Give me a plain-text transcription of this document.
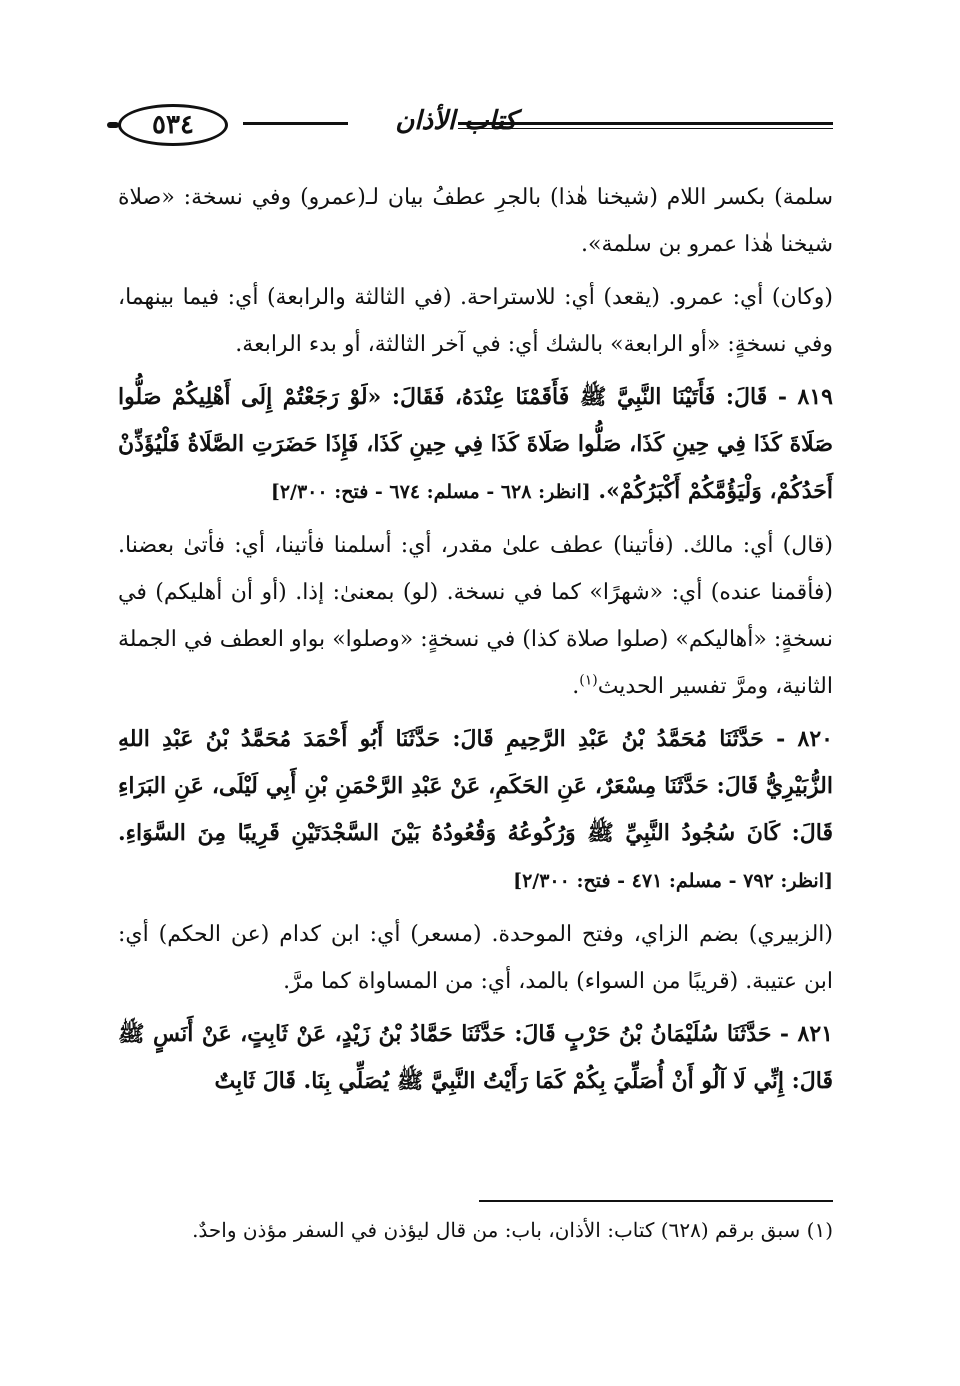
كتاب الأذان
٥٣٤

سلمة) بكسر اللام (شيخنا هٰذا) بالجرِ عطفُ بيان لـ(عمرو) وفي نسخة: «صلاة شيخنا هٰذا عمرو بن سلمة».

(وكان) أي: عمرو. (يقعد) أي: للاستراحة. (في الثالثة والرابعة) أي: فيما بينهما، وفي نسخةٍ: «أو الرابعة» بالشك أي: في آخر الثالثة، أو بدء الرابعة.

٨١٩ - قَالَ: فَأَتَيْنَا النَّبِيَّ ﷺ فَأَقَمْنَا عِنْدَهُ، فَقَالَ: «لَوْ رَجَعْتُمْ إِلَى أَهْلِيكُمْ صَلُّوا صَلَاةَ كَذَا فِي حِينِ كَذَا، صَلُّوا صَلَاةَ كَذَا فِي حِينِ كَذَا، فَإِذَا حَضَرَتِ الصَّلَاةُ فَلْيُؤَذِّنْ أَحَدُكُمْ، وَلْيَؤُمَّكُمْ أَكْبَرُكُمْ». [انظر: ٦٢٨ - مسلم: ٦٧٤ - فتح: ٢/٣٠٠]

(قال) أي: مالك. (فأتينا) عطف علىٰ مقدر، أي: أسلمنا فأتينا، أي: فأتىٰ بعضنا. (فأقمنا عنده) أي: «شهرًا» كما في نسخة. (لو) بمعنىٰ: إذا. (أو أن أهليكم) في نسخةٍ: «أهاليكم» (صلوا صلاة كذا) في نسخةٍ: «وصلوا» بواو العطف في الجملة الثانية، ومرَّ تفسير الحديث$^{(١)}$.

٨٢٠ - حَدَّثَنَا مُحَمَّدُ بْنُ عَبْدِ الرَّحِيمِ قَالَ: حَدَّثَنَا أَبُو أَحْمَدَ مُحَمَّدُ بْنُ عَبْدِ اللهِ الزُّبَيْرِيُّ قَالَ: حَدَّثَنَا مِسْعَرٌ، عَنِ الحَكَمِ، عَنْ عَبْدِ الرَّحْمَنِ بْنِ أَبِي لَيْلَى، عَنِ البَرَاءِ قَالَ: كَانَ سُجُودُ النَّبِيِّ ﷺ وَرُكُوعُهُ وَقُعُودُهُ بَيْنَ السَّجْدَتَيْنِ قَرِيبًا مِنَ السَّوَاءِ. [انظر: ٧٩٢ - مسلم: ٤٧١ - فتح: ٢/٣٠٠]

(الزبيري) بضم الزاي، وفتح الموحدة. (مسعر) أي: ابن كدام (عن الحكم) أي: ابن عتيبة. (قريبًا من السواء) بالمد، أي: من المساواة كما مرَّ.

٨٢١ - حَدَّثَنَا سُلَيْمَانُ بْنُ حَرْبٍ قَالَ: حَدَّثَنَا حَمَّادُ بْنُ زَيْدٍ، عَنْ ثَابِتٍ، عَنْ أَنَسٍ ﷺ قَالَ: إِنِّي لَا آلُو أَنْ أُصَلِّيَ بِكُمْ كَمَا رَأَيْتُ النَّبِيَّ ﷺ يُصَلِّي بِنَا. قَالَ ثَابِتٌ

(١) سبق برقم (٦٢٨) كتاب: الأذان، باب: من قال ليؤذن في السفر مؤذن واحدٌ.
